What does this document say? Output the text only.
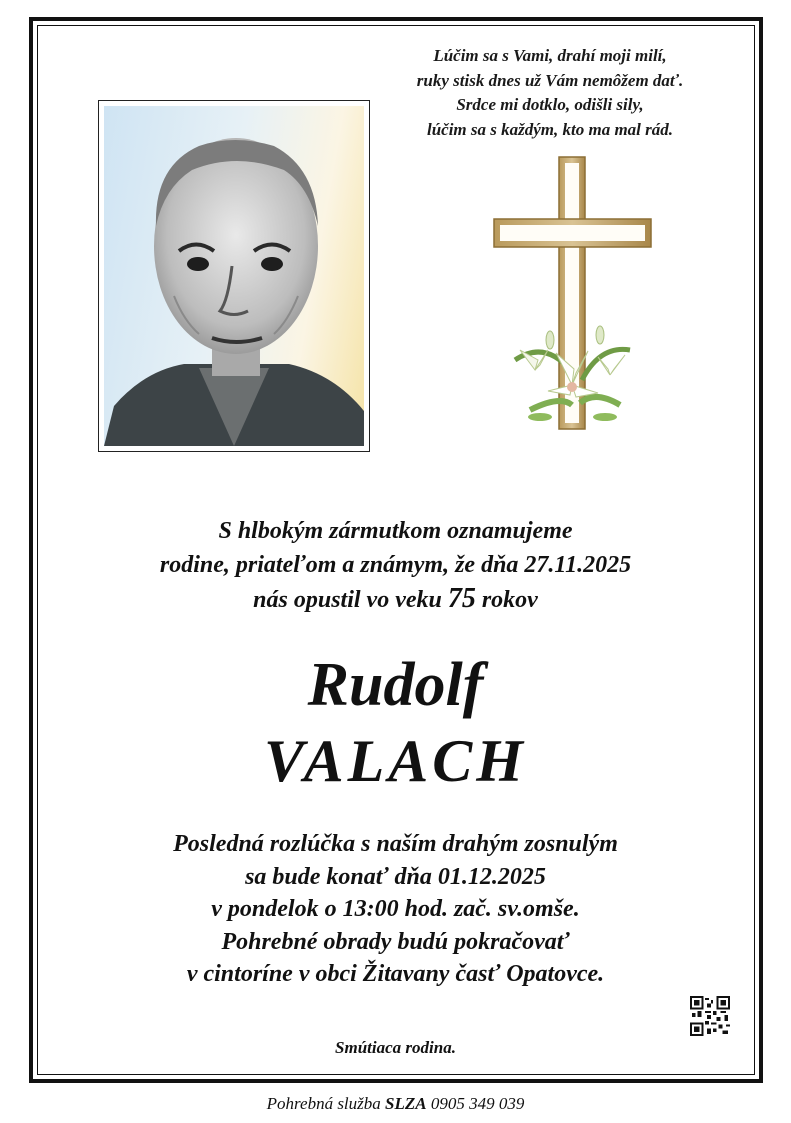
Lúčim sa s Vami, drahí moji milí,
ruky stisk dnes už Vám nemôžem dať.
Srdce mi dotklo, odišli sily,
lúčim sa s každým, kto ma mal rád.
S hlbokým zármutkom oznamujeme
rodine, priateľom a známym, že dňa 27.11.2025
nás opustil vo veku 75 rokov
Rudolf
VALACH
Posledná rozlúčka s naším drahým zosnulým
sa bude konať dňa 01.12.2025
v pondelok o 13:00 hod. zač. sv.omše.
Pohrebné obrady budú pokračovať
v cintoríne v obci Žitavany časť Opatovce.
Smútiaca rodina.
Pohrebná služba SLZA 0905 349 039
